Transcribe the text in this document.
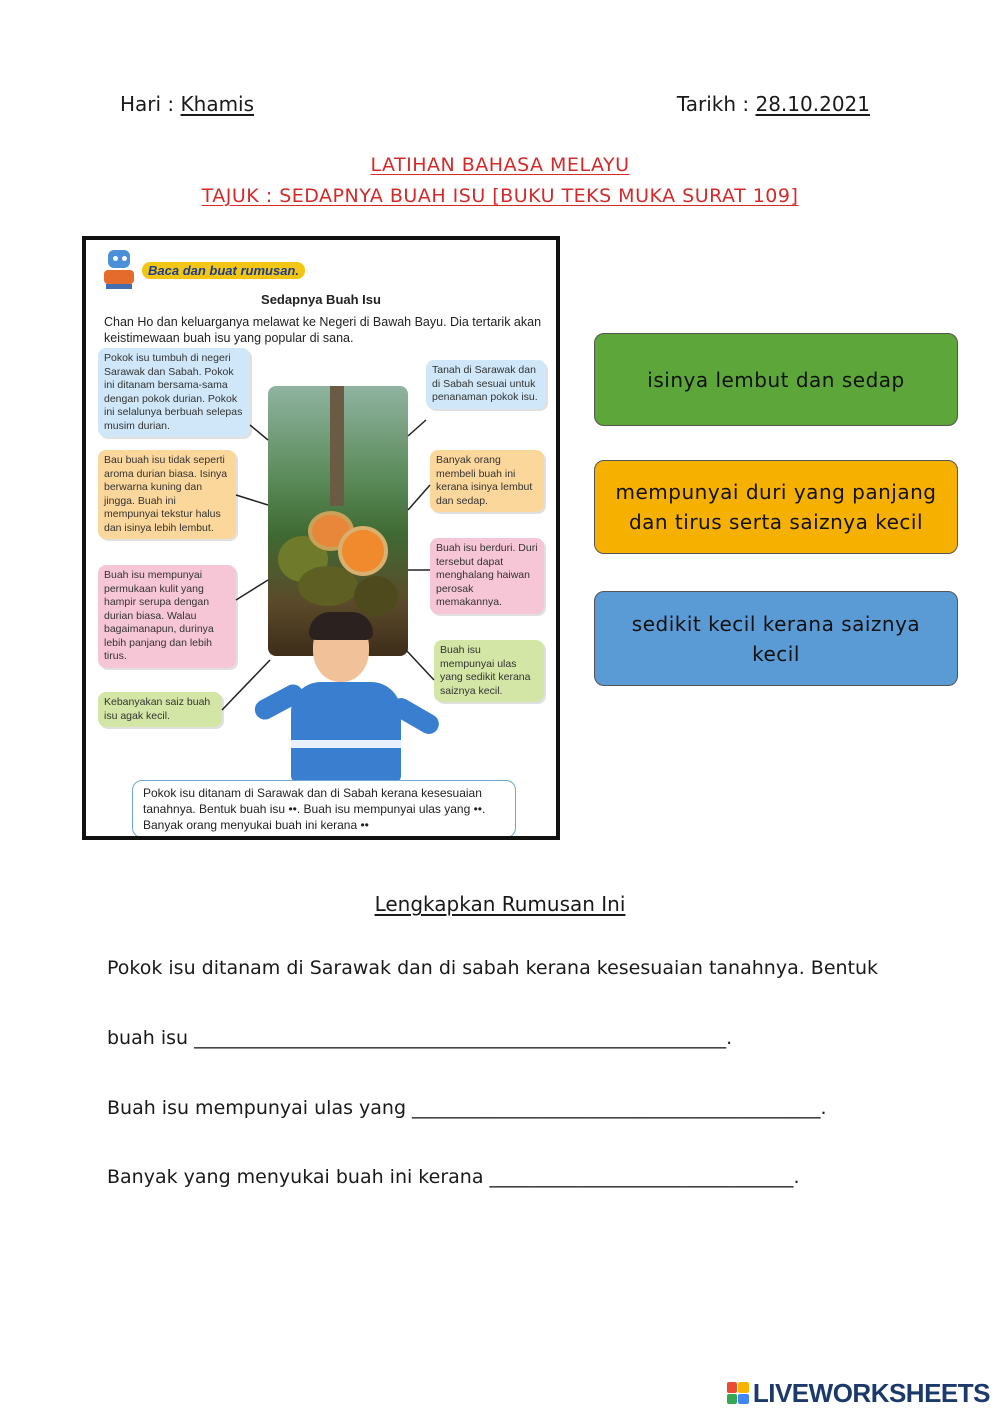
Hari : Khamis	Tarikh : 28.10.2021
LATIHAN BAHASA MELAYU
TAJUK : SEDAPNYA BUAH ISU [BUKU TEKS MUKA SURAT 109]
Baca dan buat rumusan.
Sedapnya Buah Isu
Chan Ho dan keluarganya melawat ke Negeri di Bawah Bayu. Dia tertarik akan keistimewaan buah isu yang popular di sana.
Pokok isu tumbuh di negeri Sarawak dan Sabah. Pokok ini ditanam bersama-sama dengan pokok durian. Pokok ini selalunya berbuah selepas musim durian.
Bau buah isu tidak seperti aroma durian biasa. Isinya berwarna kuning dan jingga. Buah ini mempunyai tekstur halus dan isinya lebih lembut.
Buah isu mempunyai permukaan kulit yang hampir serupa dengan durian biasa. Walau bagaimanapun, durinya lebih panjang dan lebih tirus.
Kebanyakan saiz buah isu agak kecil.
Tanah di Sarawak dan di Sabah sesuai untuk penanaman pokok isu.
Banyak orang membeli buah ini kerana isinya lembut dan sedap.
Buah isu berduri. Duri tersebut dapat menghalang haiwan perosak memakannya.
Buah isu mempunyai ulas yang sedikit kerana saiznya kecil.
Pokok isu ditanam di Sarawak dan di Sabah kerana kesesuaian tanahnya. Bentuk buah isu ••. Buah isu mempunyai ulas yang ••. Banyak orang menyukai buah ini kerana ••
isinya lembut dan sedap
mempunyai duri yang panjang dan tirus serta saiznya kecil
sedikit kecil kerana saiznya kecil
Lengkapkan Rumusan Ini
Pokok isu ditanam di Sarawak dan di sabah kerana kesesuaian tanahnya. Bentuk
buah isu ________________________________________________________.
Buah isu mempunyai ulas yang ___________________________________________.
Banyak yang menyukai buah ini kerana ________________________________.
LIVEWORKSHEETS
